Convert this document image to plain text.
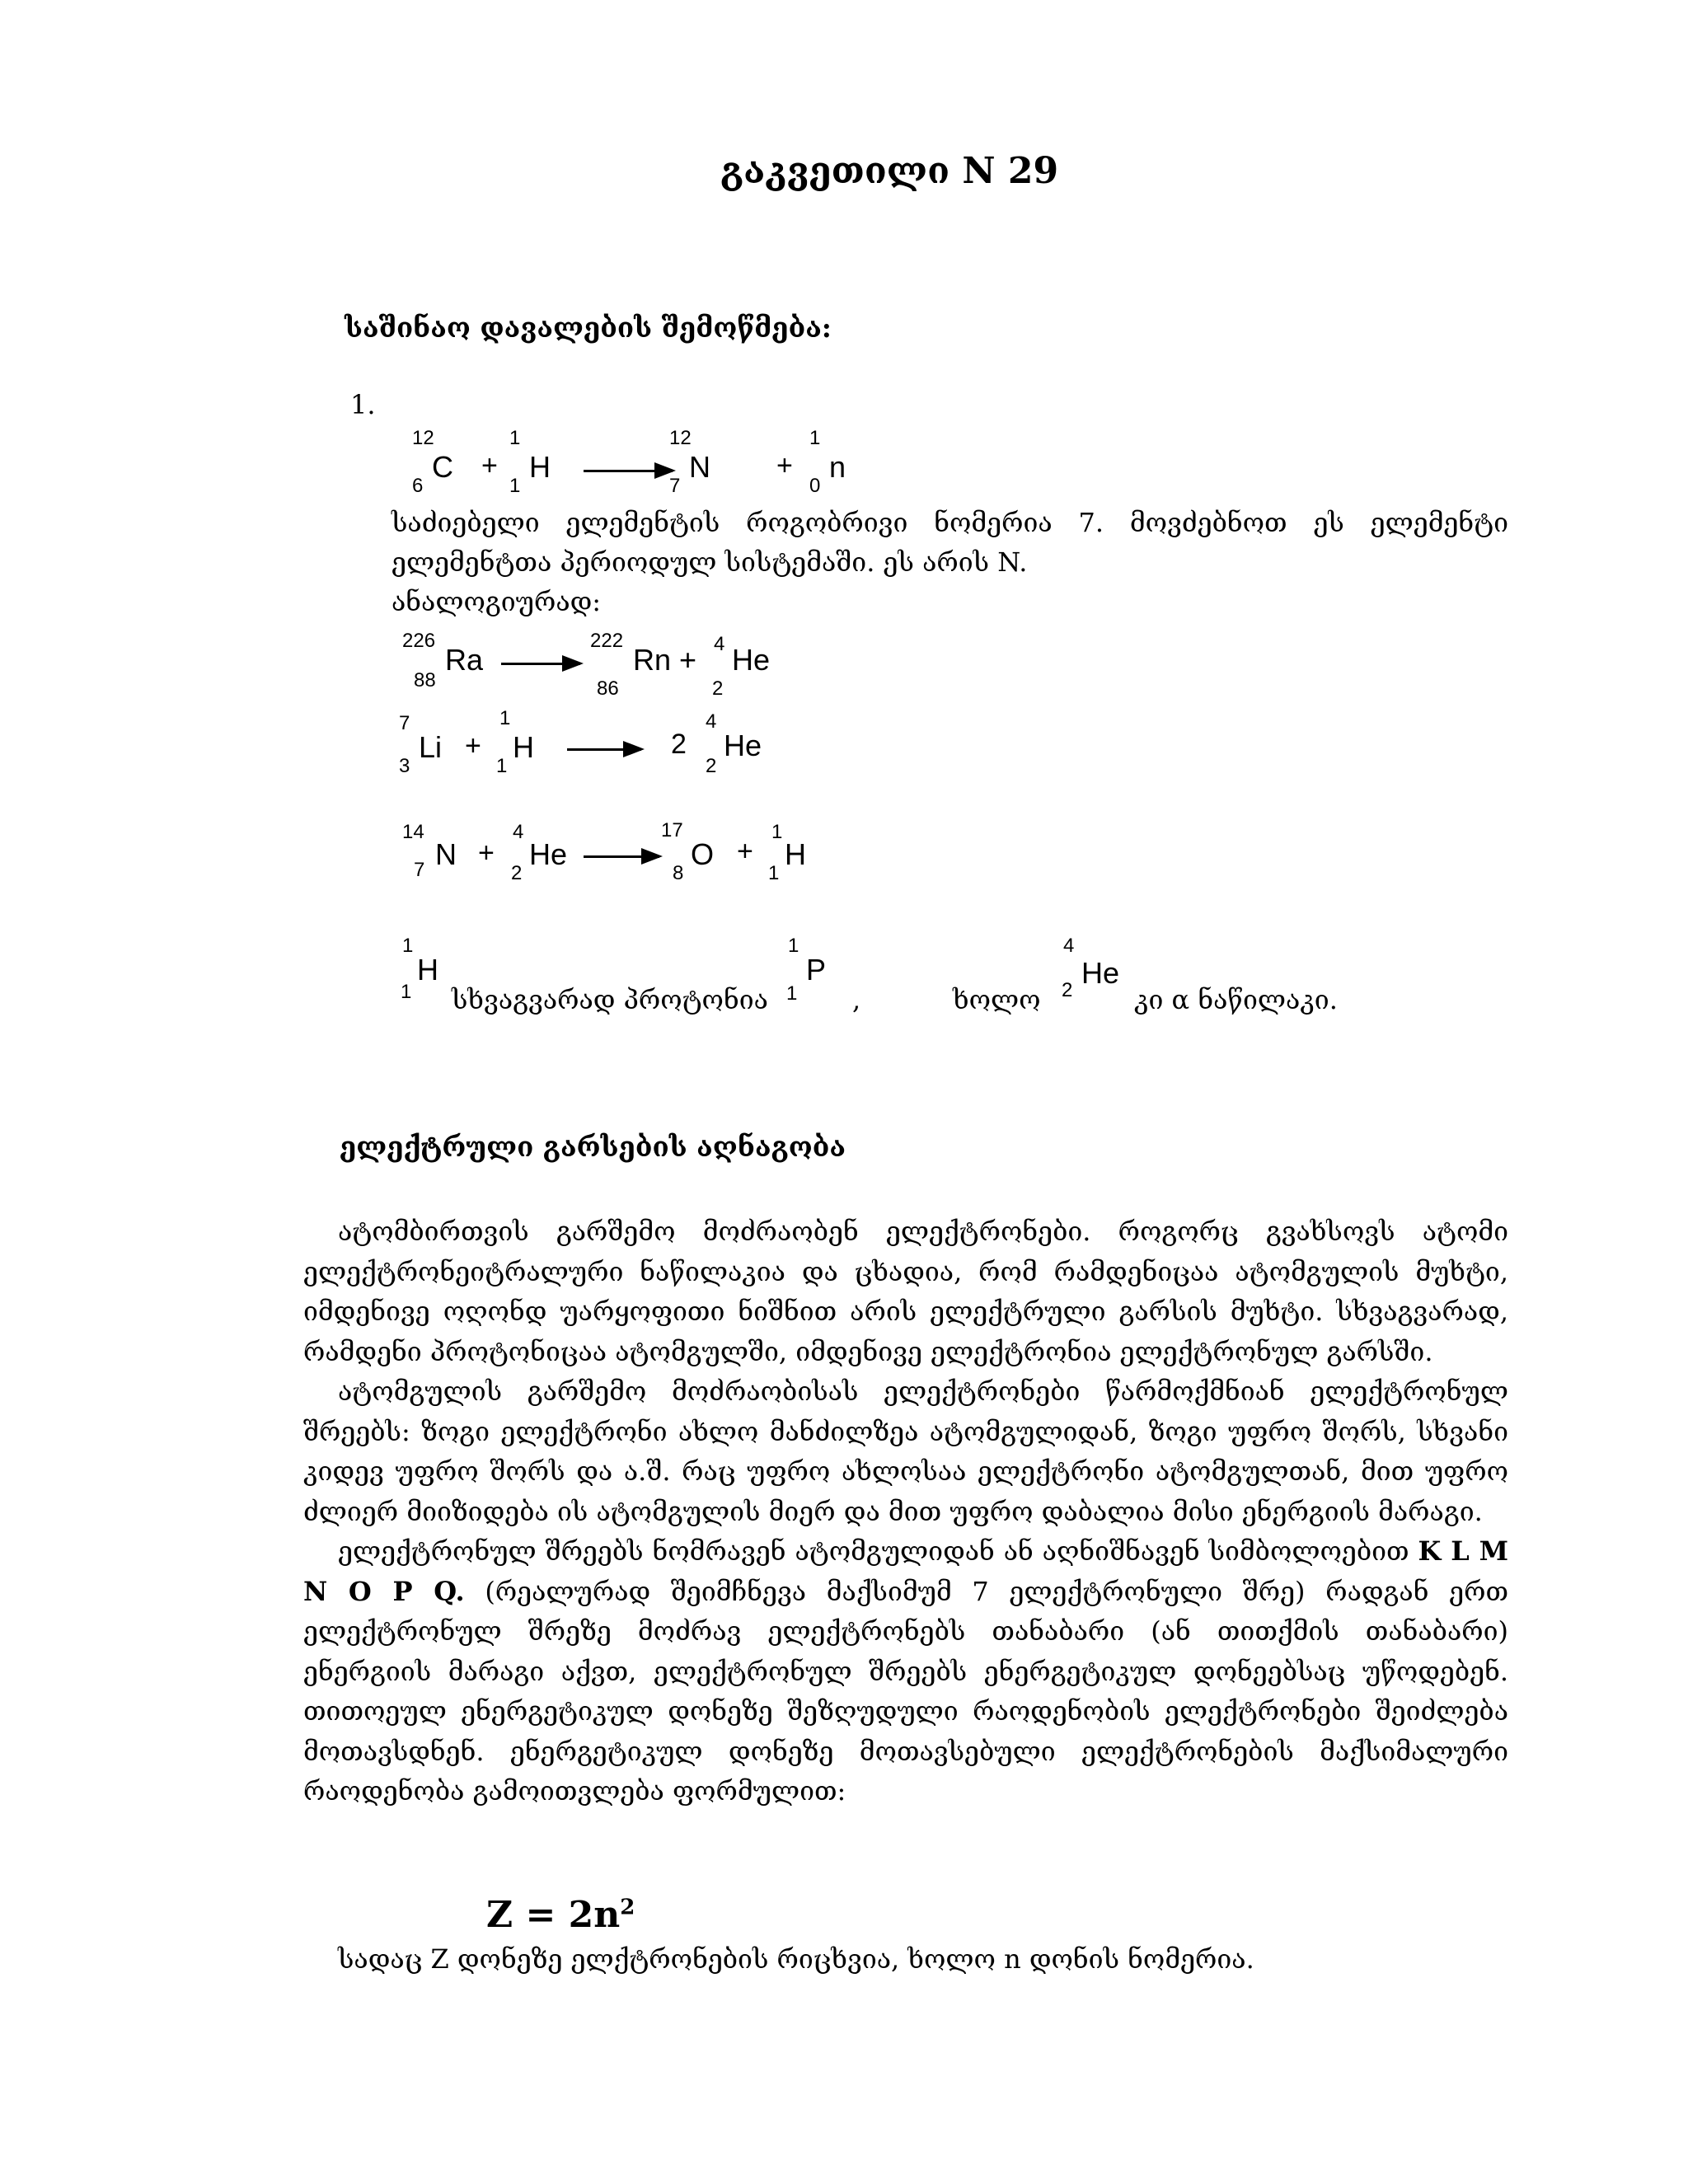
გაკვეთილი N 29
საშინაო დავალების შემოწმება:
1.
12
6
C +
1
1
H
12
7
N +
1
0
n

საძიებელი ელემენტის როგობრივი ნომერია 7. მოვძებნოთ ეს ელემენტი ელემენტთა პერიოდულ სისტემაში. ეს არის N.

ანალოგიურად:

226
88
Ra
222
86
Rn + 4
2
He
7
3
Li +
1
1
H	2
4
2
He
14
7 N +
4
2
He
17
8
O +
1
1
H
1
1
H
სხვაგვარად პროტონია
1
1
P
,	ხოლო
4
2
He
კი α ნაწილაკი.
ელექტრული გარსების აღნაგობა

ატომბირთვის გარშემო მოძრაობენ ელექტრონები. როგორც გვახსოვს ატომი ელექტრონეიტრალური ნაწილაკია და ცხადია, რომ რამდენიცაა ატომგულის მუხტი, იმდენივე ოღონდ უარყოფითი ნიშნით არის ელექტრული გარსის მუხტი. სხვაგვარად, რამდენი პროტონიცაა ატომგულში, იმდენივე ელექტრონია ელექტრონულ გარსში.

ატომგულის გარშემო მოძრაობისას ელექტრონები წარმოქმნიან ელექტრონულ შრეებს: ზოგი ელექტრონი ახლო მანძილზეა ატომგულიდან, ზოგი უფრო შორს, სხვანი კიდევ უფრო შორს და ა.შ. რაც უფრო ახლოსაა ელექტრონი ატომგულთან, მით უფრო ძლიერ მიიზიდება ის ატომგულის მიერ და მით უფრო დაბალია მისი ენერგიის მარაგი.

ელექტრონულ შრეებს ნომრავენ ატომგულიდან ან აღნიშნავენ სიმბოლოებით K L M N O P Q. (რეალურად შეიმჩნევა მაქსიმუმ 7 ელექტრონული შრე) რადგან ერთ ელექტრონულ შრეზე მოძრავ ელექტრონებს თანაბარი (ან თითქმის თანაბარი) ენერგიის მარაგი აქვთ, ელექტრონულ შრეებს ენერგეტიკულ დონეებსაც უწოდებენ. თითოეულ ენერგეტიკულ დონეზე შეზღუდული რაოდენობის ელექტრონები შეიძლება მოთავსდნენ. ენერგეტიკულ დონეზე მოთავსებული ელექტრონების მაქსიმალური რაოდენობა გამოითვლება ფორმულით:

$Z = 2n^2$
სადაც Z დონეზე ელქტრონების რიცხვია, ხოლო n დონის ნომერია.
